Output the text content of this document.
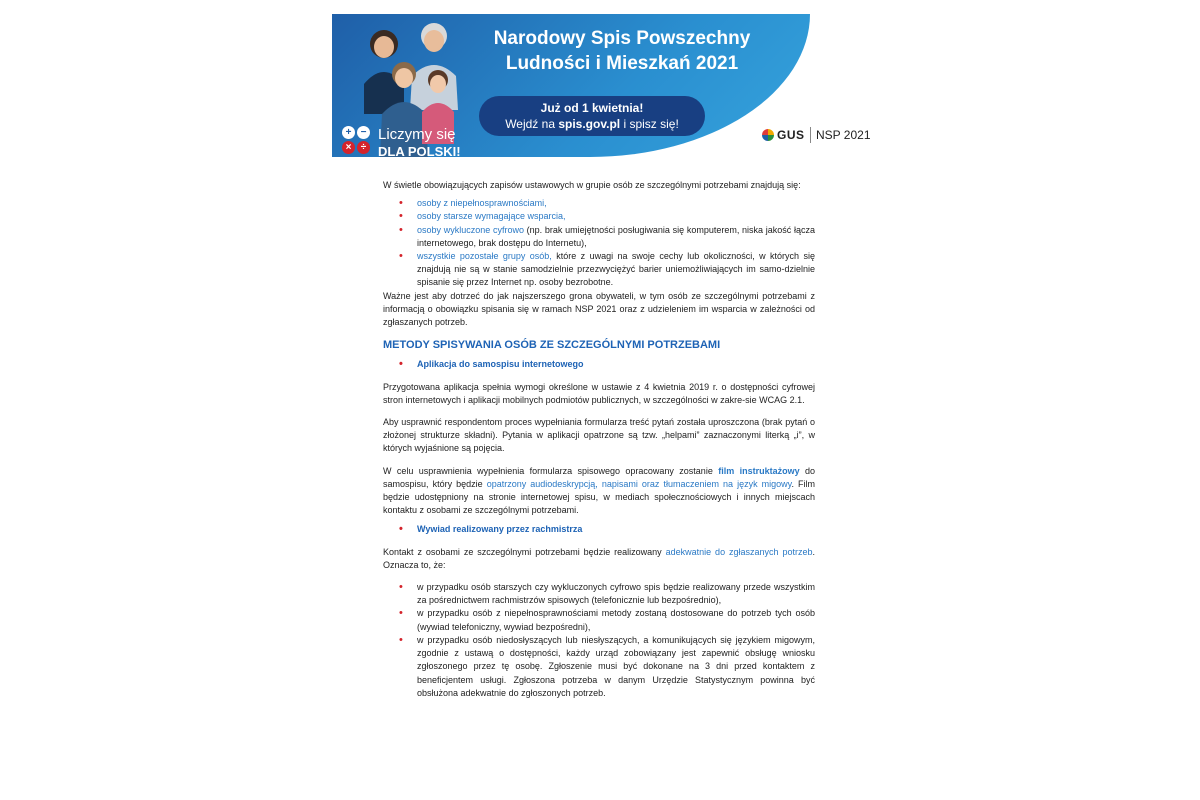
Narodowy Spis Powszechny
Ludności i Mieszkań 2021
Już od 1 kwietnia!
Wejdź na spis.gov.pl i spisz się!
+ −
× ÷
Liczymy się
DLA POLSKI!
GUS NSP 2021

W świetle obowiązujących zapisów ustawowych w grupie osób ze szczególnymi potrzebami znajdują się:

• osoby z niepełnosprawnościami,
• osoby starsze wymagające wsparcia,
• osoby wykluczone cyfrowo (np. brak umiejętności posługiwania się komputerem, niska jakość łącza internetowego, brak dostępu do Internetu),
• wszystkie pozostałe grupy osób, które z uwagi na swoje cechy lub okoliczności, w których się znajdują nie są w stanie samodzielnie przezwyciężyć barier uniemożliwiających im samo-dzielnie spisanie się przez Internet np. osoby bezrobotne.

Ważne jest aby dotrzeć do jak najszerszego grona obywateli, w tym osób ze szczególnymi potrzebami z informacją o obowiązku spisania się w ramach NSP 2021 oraz z udzieleniem im wsparcia w zależności od zgłaszanych potrzeb.

METODY SPISYWANIA OSÓB ZE SZCZEGÓLNYMI POTRZEBAMI
• Aplikacja do samospisu internetowego

Przygotowana aplikacja spełnia wymogi określone w ustawie z 4 kwietnia 2019 r. o dostępności cyfrowej stron internetowych i aplikacji mobilnych podmiotów publicznych, w szczególności w zakre-sie WCAG 2.1.

Aby usprawnić respondentom proces wypełniania formularza treść pytań została uproszczona (brak pytań o złożonej strukturze składni). Pytania w aplikacji opatrzone są tzw. „helpami” zaznaczonymi literką „i”, w których wyjaśnione są pojęcia.

W celu usprawnienia wypełnienia formularza spisowego opracowany zostanie film instruktażowy do samospisu, który będzie opatrzony audiodeskrypcją, napisami oraz tłumaczeniem na język migowy. Film będzie udostępniony na stronie internetowej spisu, w mediach społecznościowych i innych miejscach kontaktu z osobami ze szczególnymi potrzebami.

• Wywiad realizowany przez rachmistrza

Kontakt z osobami ze szczególnymi potrzebami będzie realizowany adekwatnie do zgłaszanych potrzeb. Oznacza to, że:

• w przypadku osób starszych czy wykluczonych cyfrowo spis będzie realizowany przede wszystkim za pośrednictwem rachmistrzów spisowych (telefonicznie lub bezpośrednio),
• w przypadku osób z niepełnosprawnościami metody zostaną dostosowane do potrzeb tych osób (wywiad telefoniczny, wywiad bezpośredni),
• w przypadku osób niedosłyszących lub niesłyszących, a komunikujących się językiem migowym, zgodnie z ustawą o dostępności, każdy urząd zobowiązany jest zapewnić obsługę wniosku zgłoszonego przez tę osobę. Zgłoszenie musi być dokonane na 3 dni przed kontaktem z beneficjentem usługi. Zgłoszona potrzeba w danym Urzędzie Statystycznym powinna być obsłużona adekwatnie do zgłoszonych potrzeb.
